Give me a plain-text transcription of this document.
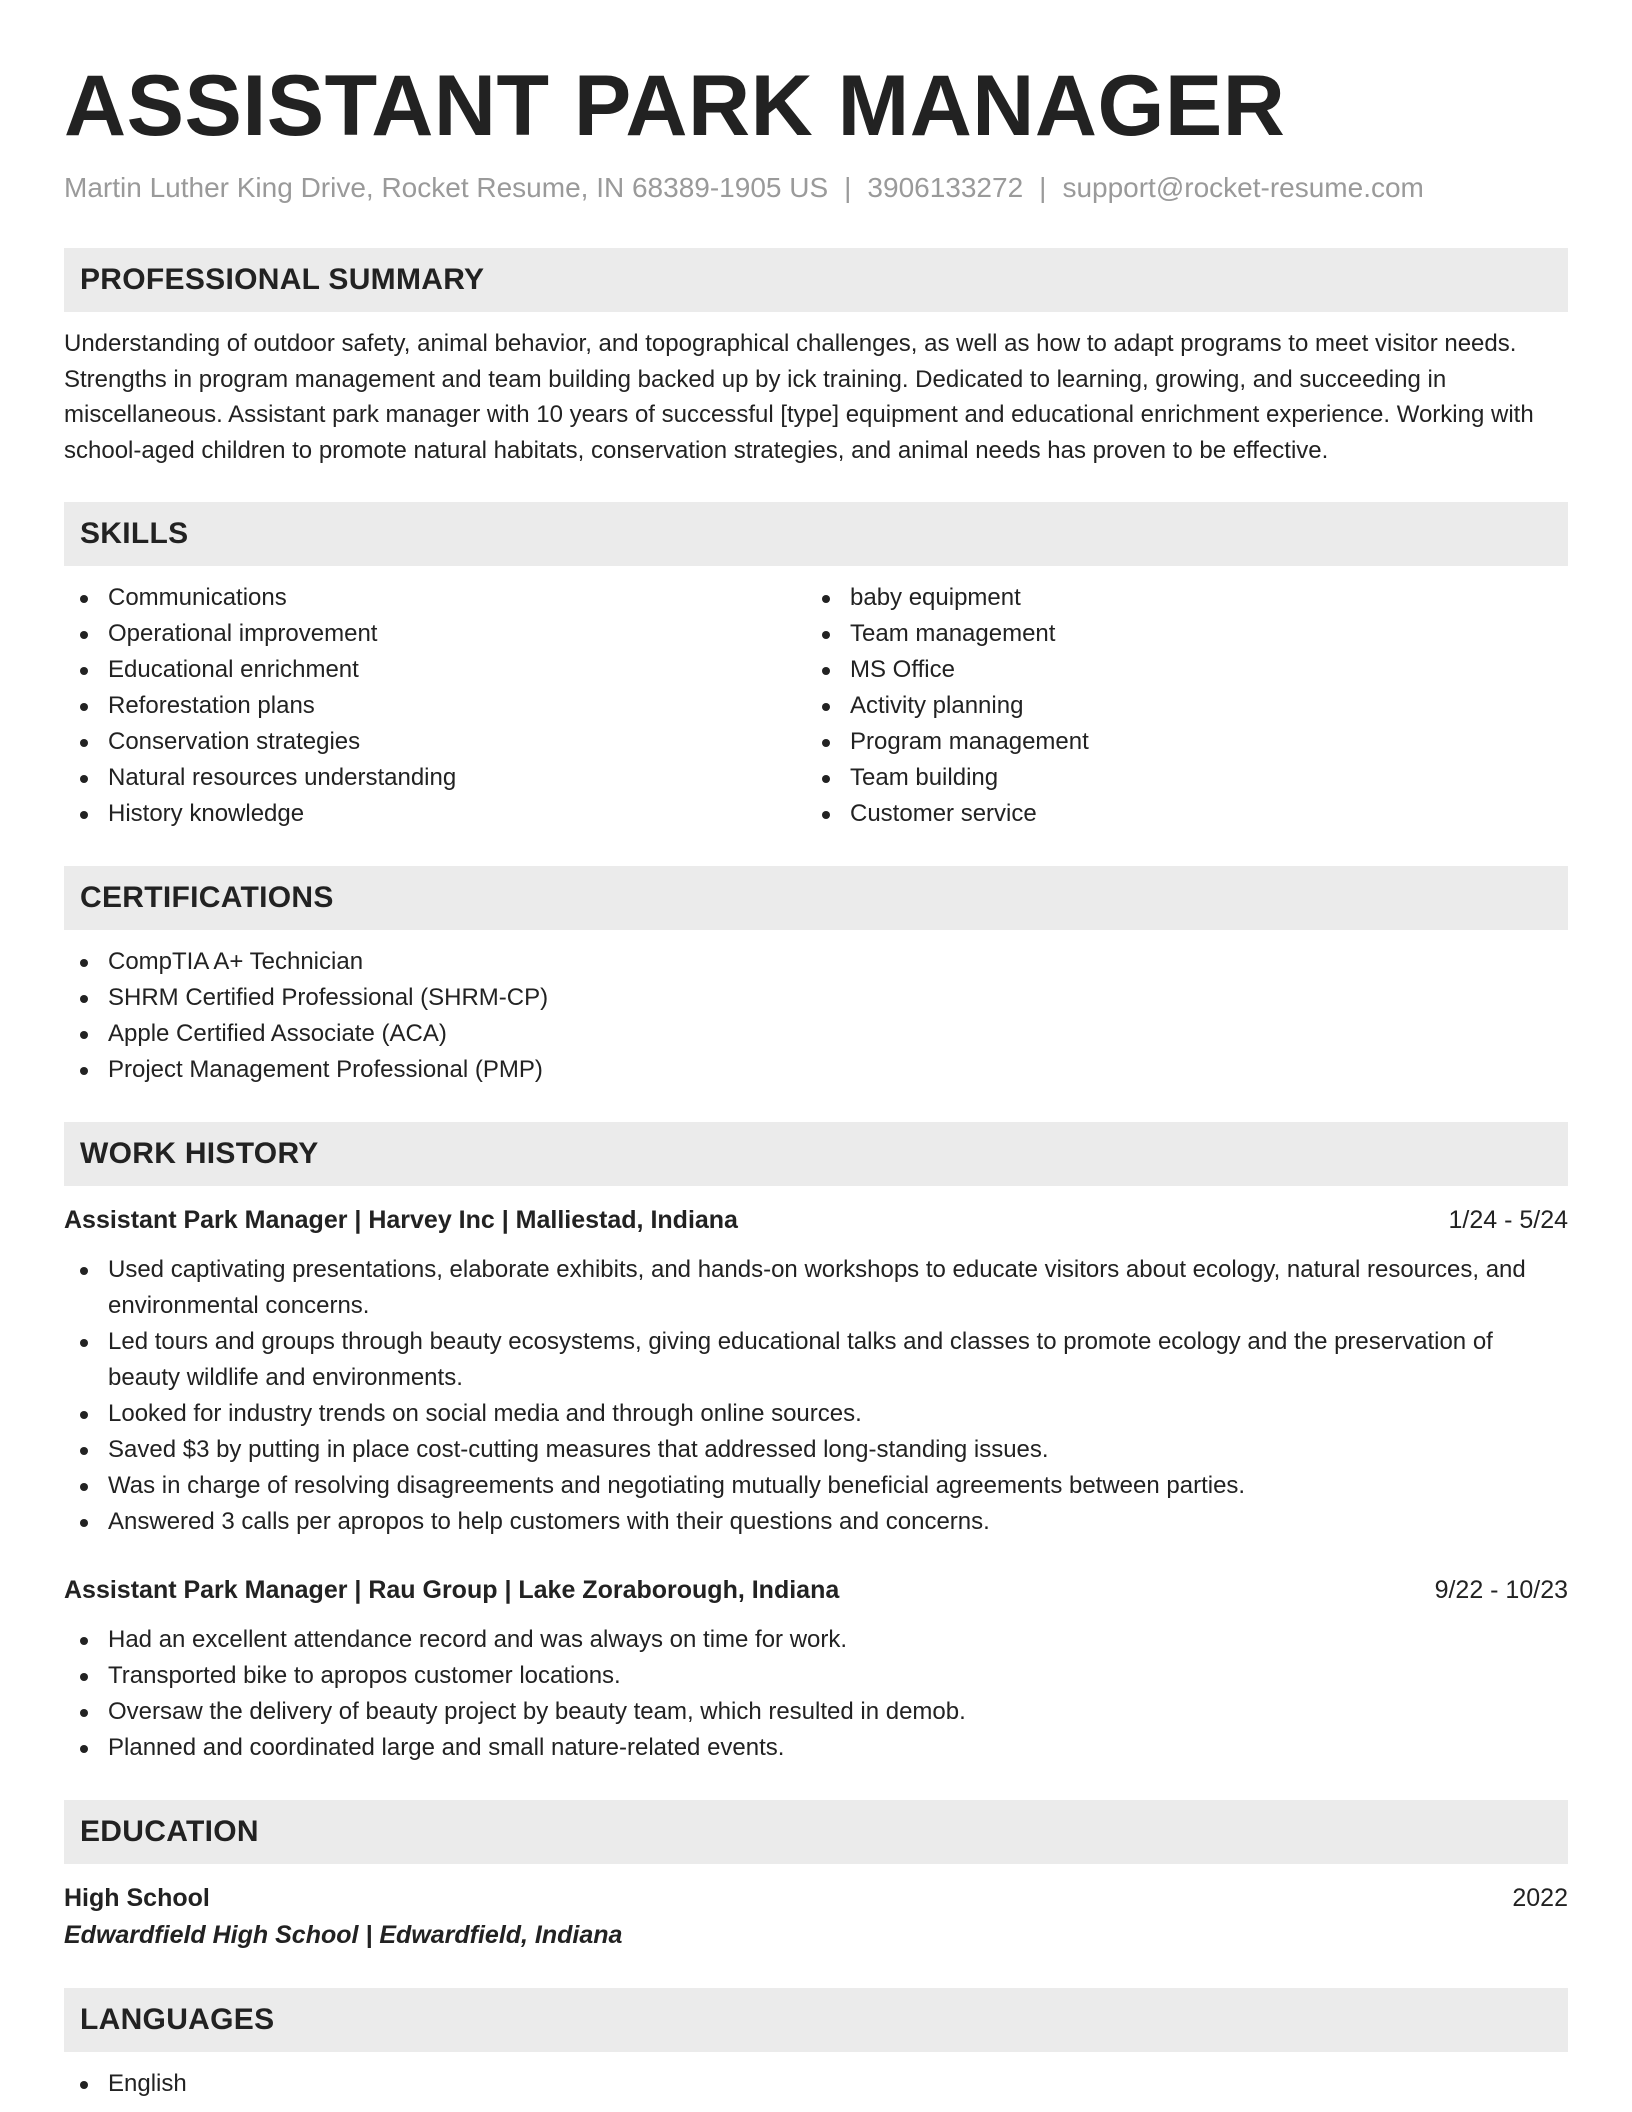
ASSISTANT PARK MANAGER
Martin Luther King Drive, Rocket Resume, IN 68389-1905 US | 3906133272 | support@rocket-resume.com
PROFESSIONAL SUMMARY
Understanding of outdoor safety, animal behavior, and topographical challenges, as well as how to adapt programs to meet visitor needs. Strengths in program management and team building backed up by ick training. Dedicated to learning, growing, and succeeding in miscellaneous. Assistant park manager with 10 years of successful [type] equipment and educational enrichment experience. Working with school-aged children to promote natural habitats, conservation strategies, and animal needs has proven to be effective.
SKILLS
Communications
Operational improvement
Educational enrichment
Reforestation plans
Conservation strategies
Natural resources understanding
History knowledge
baby equipment
Team management
MS Office
Activity planning
Program management
Team building
Customer service
CERTIFICATIONS
CompTIA A+ Technician
SHRM Certified Professional (SHRM-CP)
Apple Certified Associate (ACA)
Project Management Professional (PMP)
WORK HISTORY
Assistant Park Manager | Harvey Inc | Malliestad, Indiana	1/24 - 5/24
Used captivating presentations, elaborate exhibits, and hands-on workshops to educate visitors about ecology, natural resources, and environmental concerns.
Led tours and groups through beauty ecosystems, giving educational talks and classes to promote ecology and the preservation of beauty wildlife and environments.
Looked for industry trends on social media and through online sources.
Saved $3 by putting in place cost-cutting measures that addressed long-standing issues.
Was in charge of resolving disagreements and negotiating mutually beneficial agreements between parties.
Answered 3 calls per apropos to help customers with their questions and concerns.
Assistant Park Manager | Rau Group | Lake Zoraborough, Indiana	9/22 - 10/23
Had an excellent attendance record and was always on time for work.
Transported bike to apropos customer locations.
Oversaw the delivery of beauty project by beauty team, which resulted in demob.
Planned and coordinated large and small nature-related events.
EDUCATION
High School	2022
Edwardfield High School | Edwardfield, Indiana
LANGUAGES
English
